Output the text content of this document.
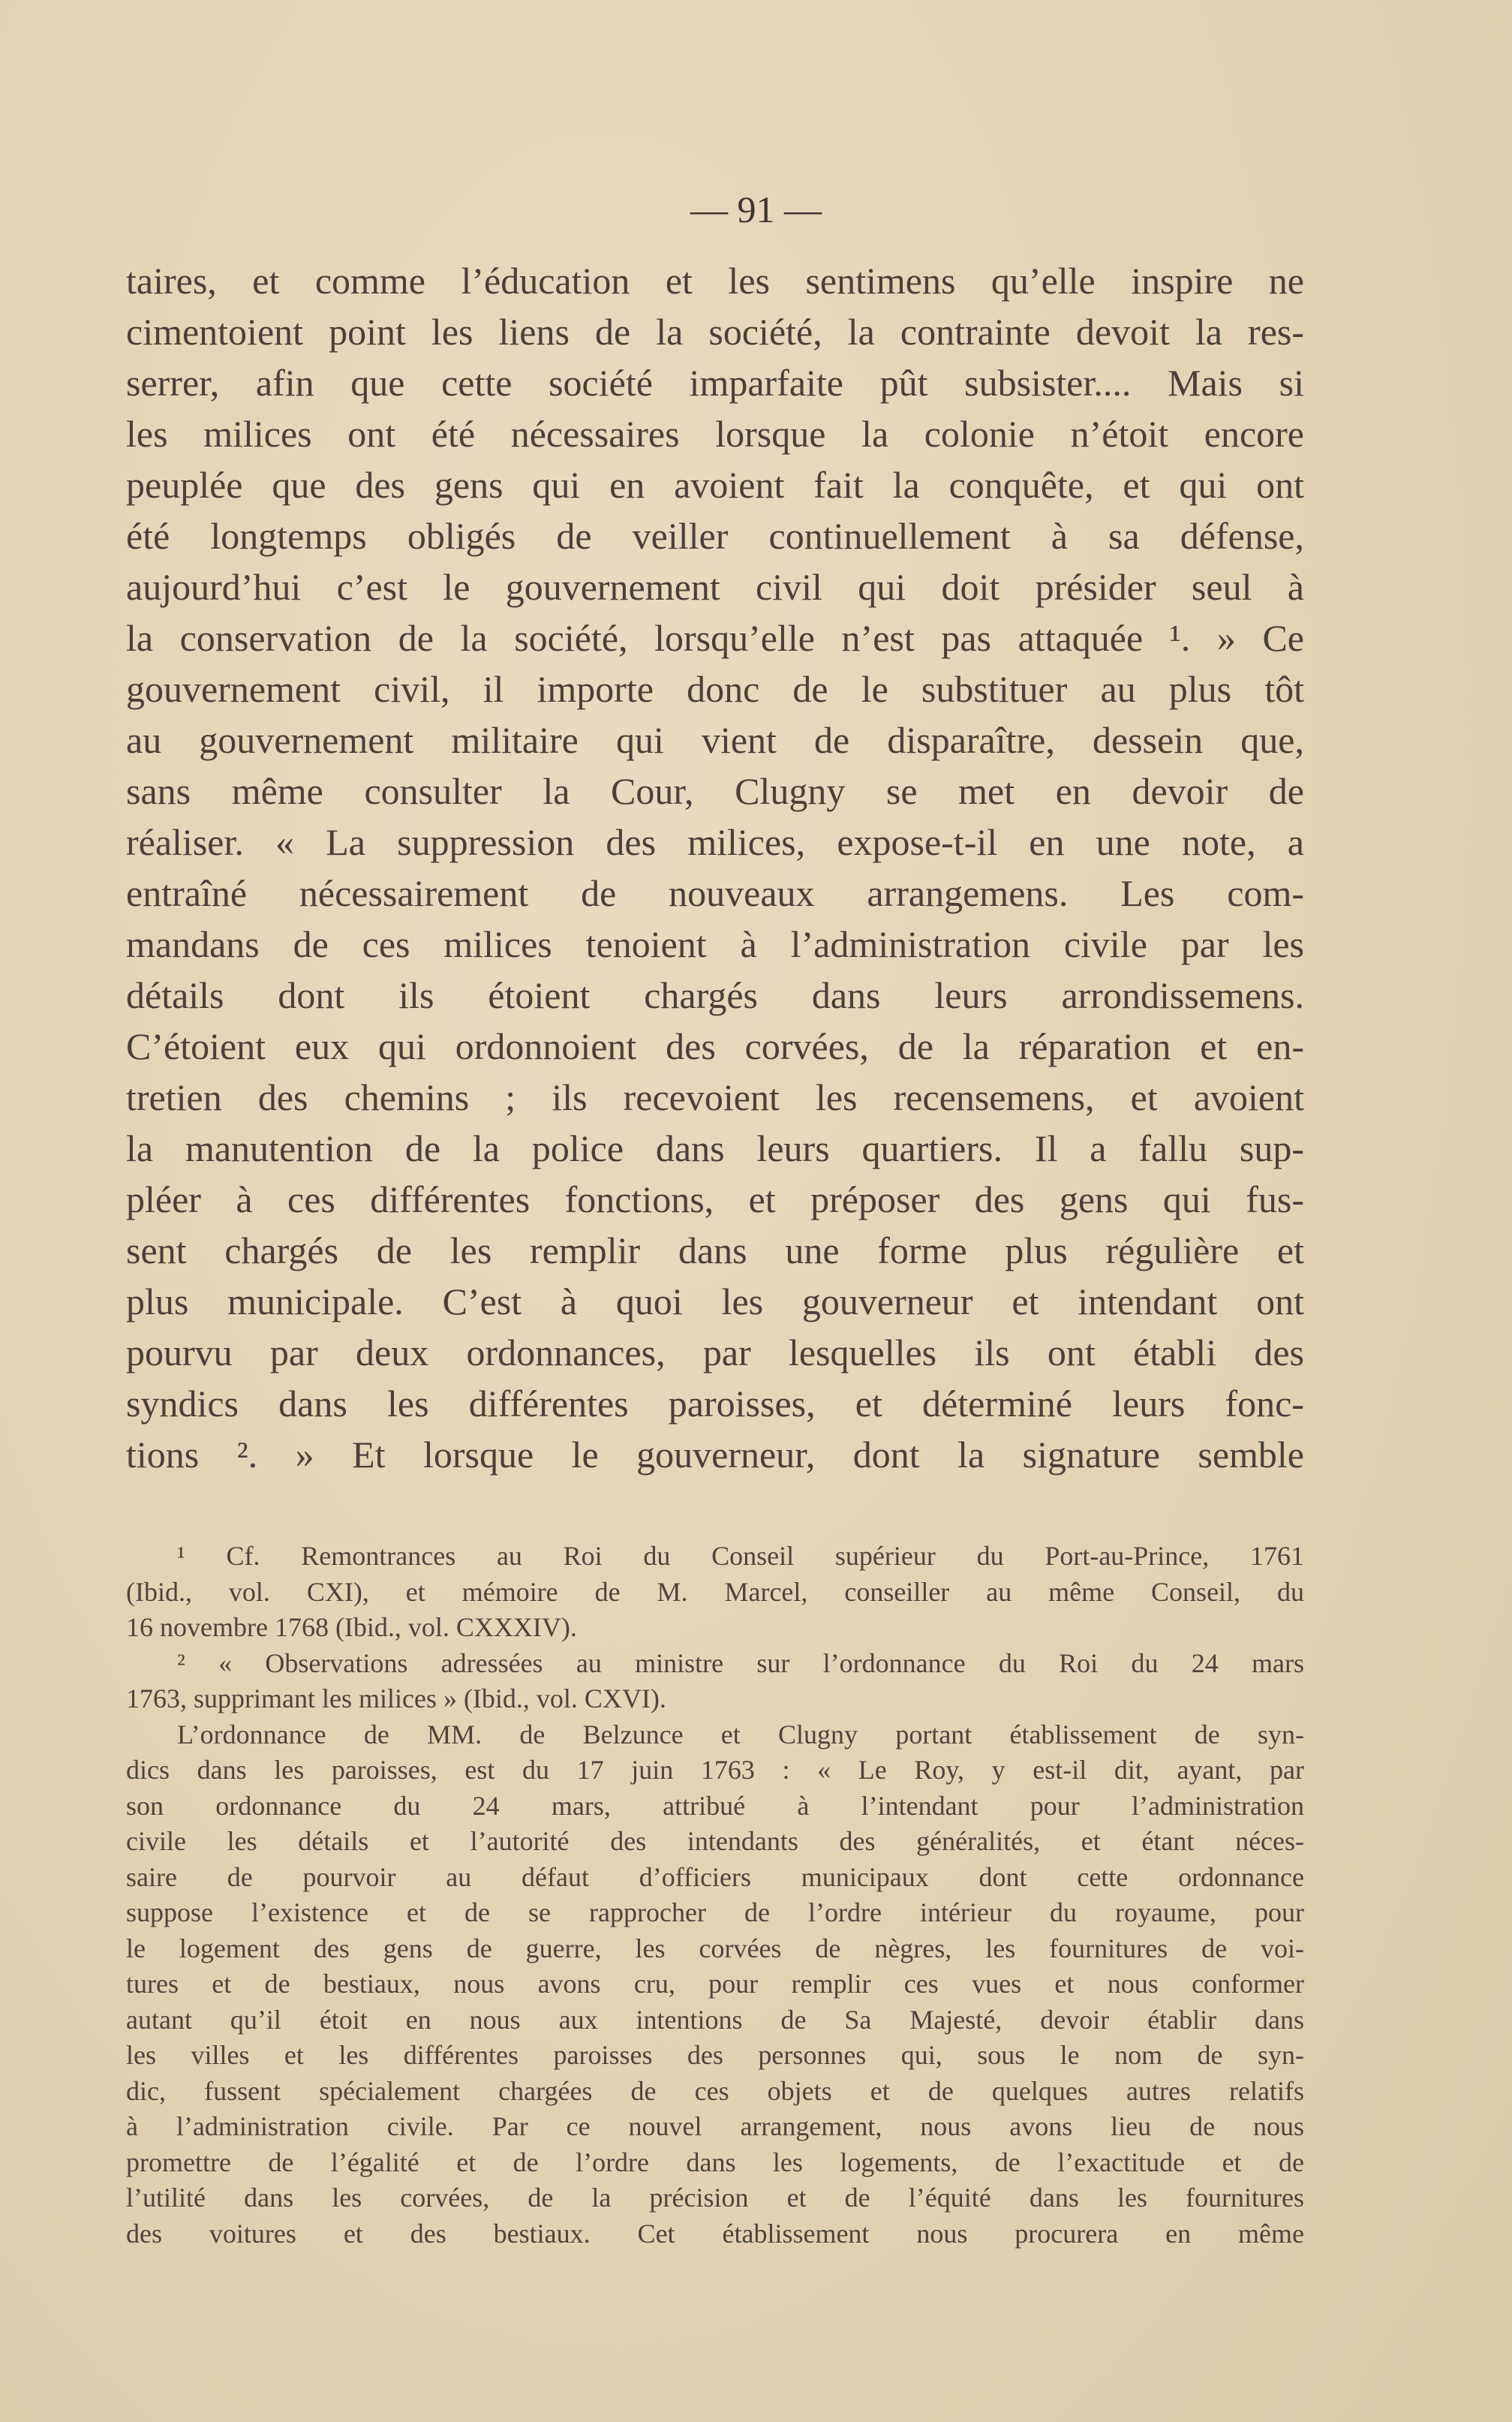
— 91 —
taires, et comme l’éducation et les sentimens qu’elle inspire ne
cimentoient point les liens de la société, la contrainte devoit la res-
serrer, afin que cette société imparfaite pût subsister.... Mais si
les milices ont été nécessaires lorsque la colonie n’étoit encore
peuplée que des gens qui en avoient fait la conquête, et qui ont
été longtemps obligés de veiller continuellement à sa défense,
aujourd’hui c’est le gouvernement civil qui doit présider seul à
la conservation de la société, lorsqu’elle n’est pas attaquée ¹. » Ce
gouvernement civil, il importe donc de le substituer au plus tôt
au gouvernement militaire qui vient de disparaître, dessein que,
sans même consulter la Cour, Clugny se met en devoir de
réaliser. « La suppression des milices, expose-t-il en une note, a
entraîné nécessairement de nouveaux arrangemens. Les com-
mandans de ces milices tenoient à l’administration civile par les
détails dont ils étoient chargés dans leurs arrondissemens.
C’étoient eux qui ordonnoient des corvées, de la réparation et en-
tretien des chemins ; ils recevoient les recensemens, et avoient
la manutention de la police dans leurs quartiers. Il a fallu sup-
pléer à ces différentes fonctions, et préposer des gens qui fus-
sent chargés de les remplir dans une forme plus régulière et
plus municipale. C’est à quoi les gouverneur et intendant ont
pourvu par deux ordonnances, par lesquelles ils ont établi des
syndics dans les différentes paroisses, et déterminé leurs fonc-
tions ². » Et lorsque le gouverneur, dont la signature semble
¹ Cf. Remontrances au Roi du Conseil supérieur du Port-au-Prince, 1761
(Ibid., vol. CXI), et mémoire de M. Marcel, conseiller au même Conseil, du
16 novembre 1768 (Ibid., vol. CXXXIV).
² « Observations adressées au ministre sur l’ordonnance du Roi du 24 mars
1763, supprimant les milices » (Ibid., vol. CXVI).
L’ordonnance de MM. de Belzunce et Clugny portant établissement de syn-
dics dans les paroisses, est du 17 juin 1763 : « Le Roy, y est-il dit, ayant, par
son ordonnance du 24 mars, attribué à l’intendant pour l’administration
civile les détails et l’autorité des intendants des généralités, et étant néces-
saire de pourvoir au défaut d’officiers municipaux dont cette ordonnance
suppose l’existence et de se rapprocher de l’ordre intérieur du royaume, pour
le logement des gens de guerre, les corvées de nègres, les fournitures de voi-
tures et de bestiaux, nous avons cru, pour remplir ces vues et nous conformer
autant qu’il étoit en nous aux intentions de Sa Majesté, devoir établir dans
les villes et les différentes paroisses des personnes qui, sous le nom de syn-
dic, fussent spécialement chargées de ces objets et de quelques autres relatifs
à l’administration civile. Par ce nouvel arrangement, nous avons lieu de nous
promettre de l’égalité et de l’ordre dans les logements, de l’exactitude et de
l’utilité dans les corvées, de la précision et de l’équité dans les fournitures
des voitures et des bestiaux. Cet établissement nous procurera en même
